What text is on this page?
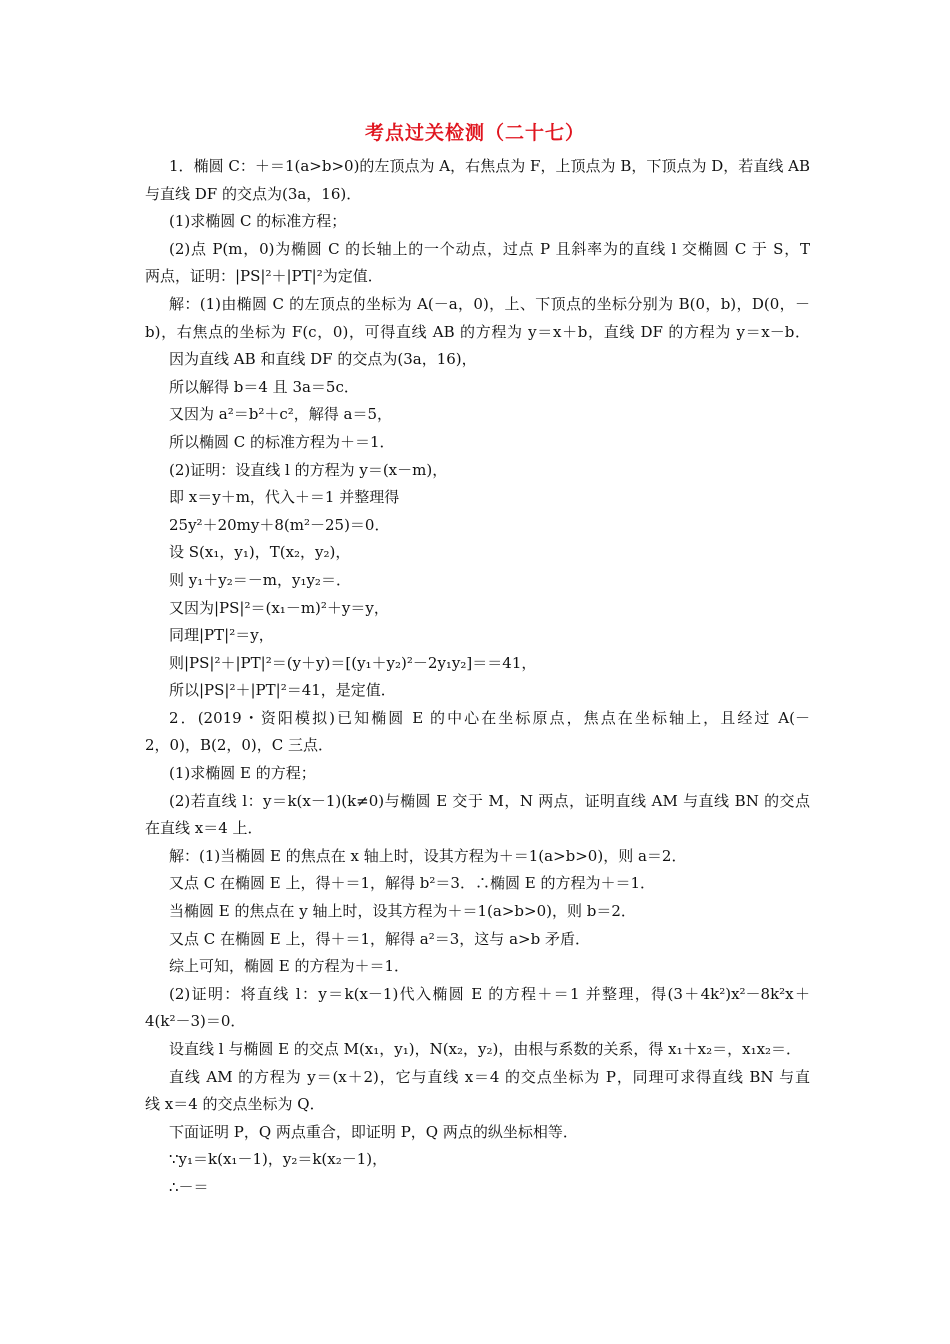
考点过关检测（二十七）
1．椭圆 C：＋＝1(a>b>0)的左顶点为 A，右焦点为 F，上顶点为 B，下顶点为 D，若直线 AB
与直线 DF 的交点为(3a，16)．
(1)求椭圆 C 的标准方程；
(2)点 P(m，0)为椭圆 C 的长轴上的一个动点，过点 P 且斜率为的直线 l 交椭圆 C 于 S，T
两点，证明：|PS|²＋|PT|²为定值．
解：(1)由椭圆 C 的左顶点的坐标为 A(－a，0)，上、下顶点的坐标分别为 B(0，b)，D(0，－
b)，右焦点的坐标为 F(c，0)，可得直线 AB 的方程为 y＝x＋b，直线 DF 的方程为 y＝x－b．
因为直线 AB 和直线 DF 的交点为(3a，16)，
所以解得 b＝4 且 3a＝5c．
又因为 a²＝b²＋c²，解得 a＝5，
所以椭圆 C 的标准方程为＋＝1．
(2)证明：设直线 l 的方程为 y＝(x－m)，
即 x＝y＋m，代入＋＝1 并整理得
25y²＋20my＋8(m²－25)＝0．
设 S(x₁，y₁)，T(x₂，y₂)，
则 y₁＋y₂＝－m，y₁y₂＝．
又因为|PS|²＝(x₁－m)²＋y＝y，
同理|PT|²＝y，
则|PS|²＋|PT|²＝(y＋y)＝[(y₁＋y₂)²－2y₁y₂]＝＝41，
所以|PS|²＋|PT|²＝41，是定值．
2．(2019・资阳模拟)已知椭圆 E 的中心在坐标原点，焦点在坐标轴上，且经过 A(－
2，0)，B(2，0)，C 三点．
(1)求椭圆 E 的方程；
(2)若直线 l：y＝k(x－1)(k≠0)与椭圆 E 交于 M，N 两点，证明直线 AM 与直线 BN 的交点
在直线 x＝4 上．
解：(1)当椭圆 E 的焦点在 x 轴上时，设其方程为＋＝1(a>b>0)，则 a＝2．
又点 C 在椭圆 E 上，得＋＝1，解得 b²＝3．∴椭圆 E 的方程为＋＝1．
当椭圆 E 的焦点在 y 轴上时，设其方程为＋＝1(a>b>0)，则 b＝2．
又点 C 在椭圆 E 上，得＋＝1，解得 a²＝3，这与 a>b 矛盾．
综上可知，椭圆 E 的方程为＋＝1．
(2)证明：将直线 l：y＝k(x－1)代入椭圆 E 的方程＋＝1 并整理，得(3＋4k²)x²－8k²x＋
4(k²－3)＝0．
设直线 l 与椭圆 E 的交点 M(x₁，y₁)，N(x₂，y₂)，由根与系数的关系，得 x₁＋x₂＝，x₁x₂＝．
直线 AM 的方程为 y＝(x＋2)，它与直线 x＝4 的交点坐标为 P，同理可求得直线 BN 与直
线 x＝4 的交点坐标为 Q．
下面证明 P，Q 两点重合，即证明 P，Q 两点的纵坐标相等．
∵y₁＝k(x₁－1)，y₂＝k(x₂－1)，
∴－＝
